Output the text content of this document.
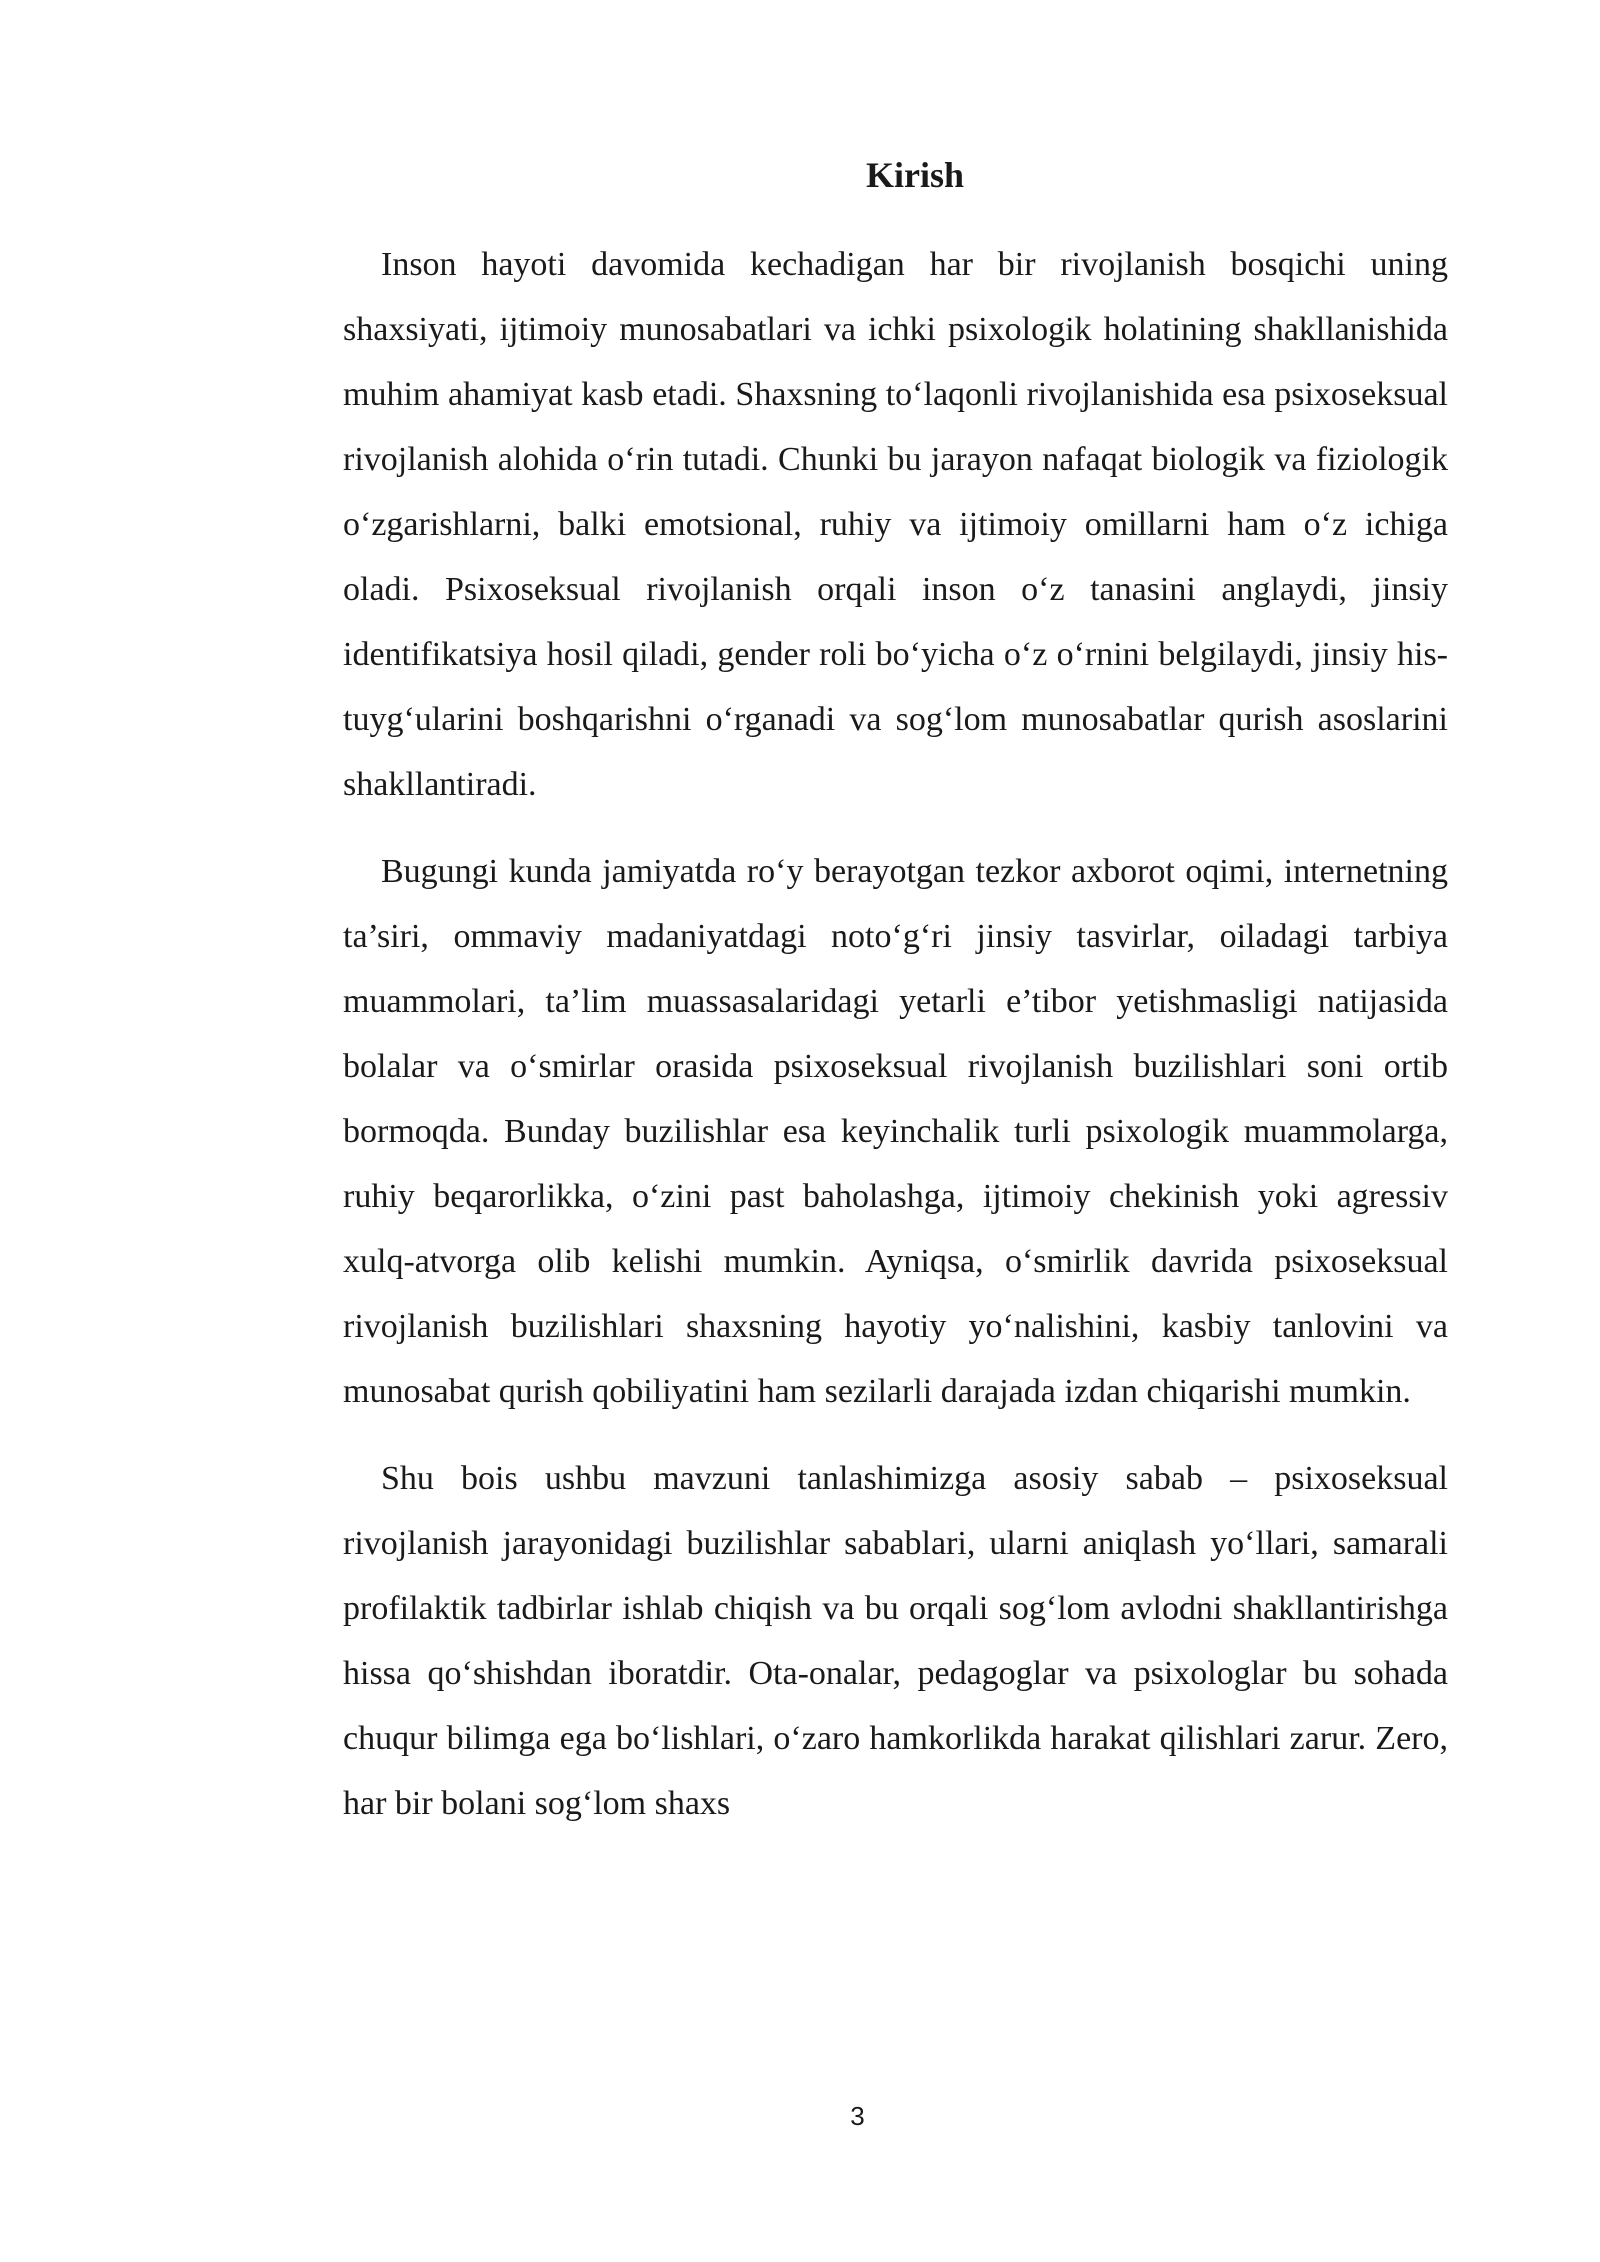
Kirish

Inson hayoti davomida kechadigan har bir rivojlanish bosqichi uning shaxsiyati, ijtimoiy munosabatlari va ichki psixologik holatining shakllanishida muhim ahamiyat kasb etadi. Shaxsning to‘laqonli rivojlanishida esa psixoseksual rivojlanish alohida o‘rin tutadi. Chunki bu jarayon nafaqat biologik va fiziologik o‘zgarishlarni, balki emotsional, ruhiy va ijtimoiy omillarni ham o‘z ichiga oladi. Psixoseksual rivojlanish orqali inson o‘z tanasini anglaydi, jinsiy identifikatsiya hosil qiladi, gender roli bo‘yicha o‘z o‘rnini belgilaydi, jinsiy his-tuyg‘ularini boshqarishni o‘rganadi va sog‘lom munosabatlar qurish asoslarini shakllantiradi.

Bugungi kunda jamiyatda ro‘y berayotgan tezkor axborot oqimi, internetning ta’siri, ommaviy madaniyatdagi noto‘g‘ri jinsiy tasvirlar, oiladagi tarbiya muammolari, ta’lim muassasalaridagi yetarli e’tibor yetishmasligi natijasida bolalar va o‘smirlar orasida psixoseksual rivojlanish buzilishlari soni ortib bormoqda. Bunday buzilishlar esa keyinchalik turli psixologik muammolarga, ruhiy beqarorlikka, o‘zini past baholashga, ijtimoiy chekinish yoki agressiv xulq-atvorga olib kelishi mumkin. Ayniqsa, o‘smirlik davrida psixoseksual rivojlanish buzilishlari shaxsning hayotiy yo‘nalishini, kasbiy tanlovini va munosabat qurish qobiliyatini ham sezilarli darajada izdan chiqarishi mumkin.

Shu bois ushbu mavzuni tanlashimizga asosiy sabab – psixoseksual rivojlanish jarayonidagi buzilishlar sabablari, ularni aniqlash yo‘llari, samarali profilaktik tadbirlar ishlab chiqish va bu orqali sog‘lom avlodni shakllantirishga hissa qo‘shishdan iboratdir. Ota-onalar, pedagoglar va psixologlar bu sohada chuqur bilimga ega bo‘lishlari, o‘zaro hamkorlikda harakat qilishlari zarur. Zero, har bir bolani sog‘lom shaxs

3
